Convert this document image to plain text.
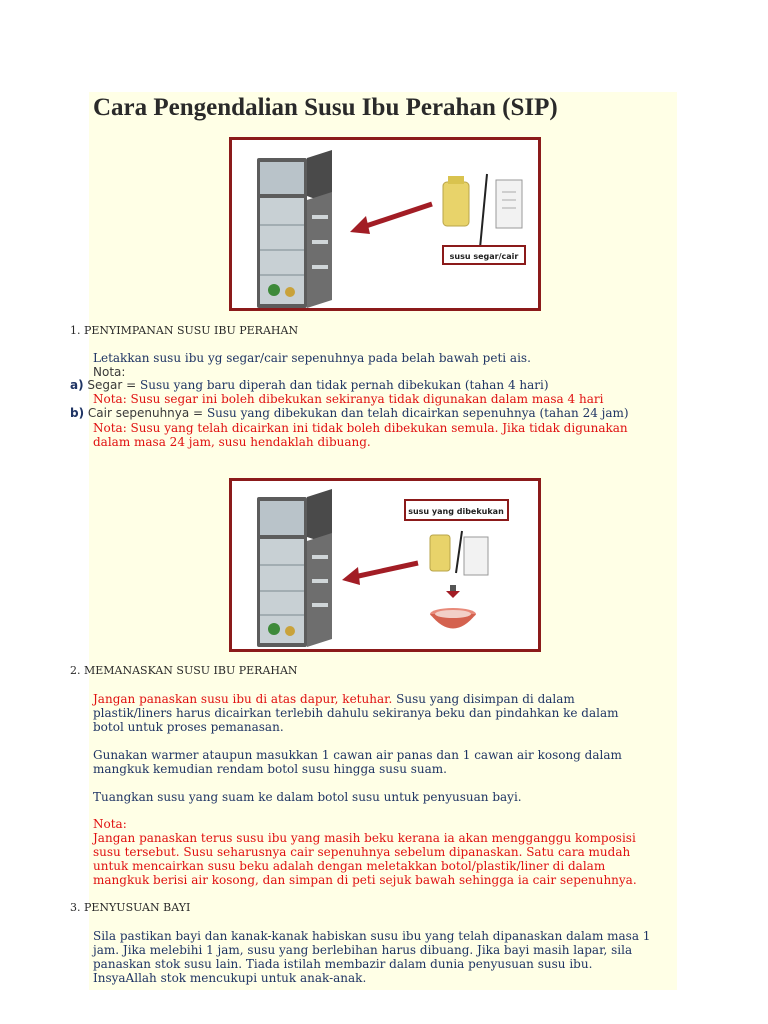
Cara Pengendalian Susu Ibu Perahan (SIP)
susu segar/cair
1. PENYIMPANAN SUSU IBU PERAHAN
Letakkan susu ibu yg segar/cair sepenuhnya pada belah bawah peti ais.
Nota:
a) Segar = Susu yang baru diperah dan tidak pernah dibekukan (tahan 4 hari)
Nota: Susu segar ini boleh dibekukan sekiranya tidak digunakan dalam masa 4 hari
b) Cair sepenuhnya = Susu yang dibekukan dan telah dicairkan sepenuhnya (tahan 24 jam)
Nota: Susu yang telah dicairkan ini tidak boleh dibekukan semula. Jika tidak digunakan
dalam masa 24 jam, susu hendaklah dibuang.
susu yang dibekukan
2. MEMANASKAN SUSU IBU PERAHAN
Jangan panaskan susu ibu di atas dapur, ketuhar. Susu yang disimpan di dalam
plastik/liners harus dicairkan terlebih dahulu sekiranya beku dan pindahkan ke dalam
botol untuk proses pemanasan.
Gunakan warmer ataupun masukkan 1 cawan air panas dan 1 cawan air kosong dalam
mangkuk kemudian rendam botol susu hingga susu suam.
Tuangkan susu yang suam ke dalam botol susu untuk penyusuan bayi.
Nota:
Jangan panaskan terus susu ibu yang masih beku kerana ia akan mengganggu komposisi
susu tersebut. Susu seharusnya cair sepenuhnya sebelum dipanaskan. Satu cara mudah
untuk mencairkan susu beku adalah dengan meletakkan botol/plastik/liner di dalam
mangkuk berisi air kosong, dan simpan di peti sejuk bawah sehingga ia cair sepenuhnya.
3. PENYUSUAN BAYI
Sila pastikan bayi dan kanak-kanak habiskan susu ibu yang telah dipanaskan dalam masa 1
jam. Jika melebihi 1 jam, susu yang berlebihan harus dibuang. Jika bayi masih lapar, sila
panaskan stok susu lain. Tiada istilah membazir dalam dunia penyusuan susu ibu.
InsyaAllah stok mencukupi untuk anak-anak.
